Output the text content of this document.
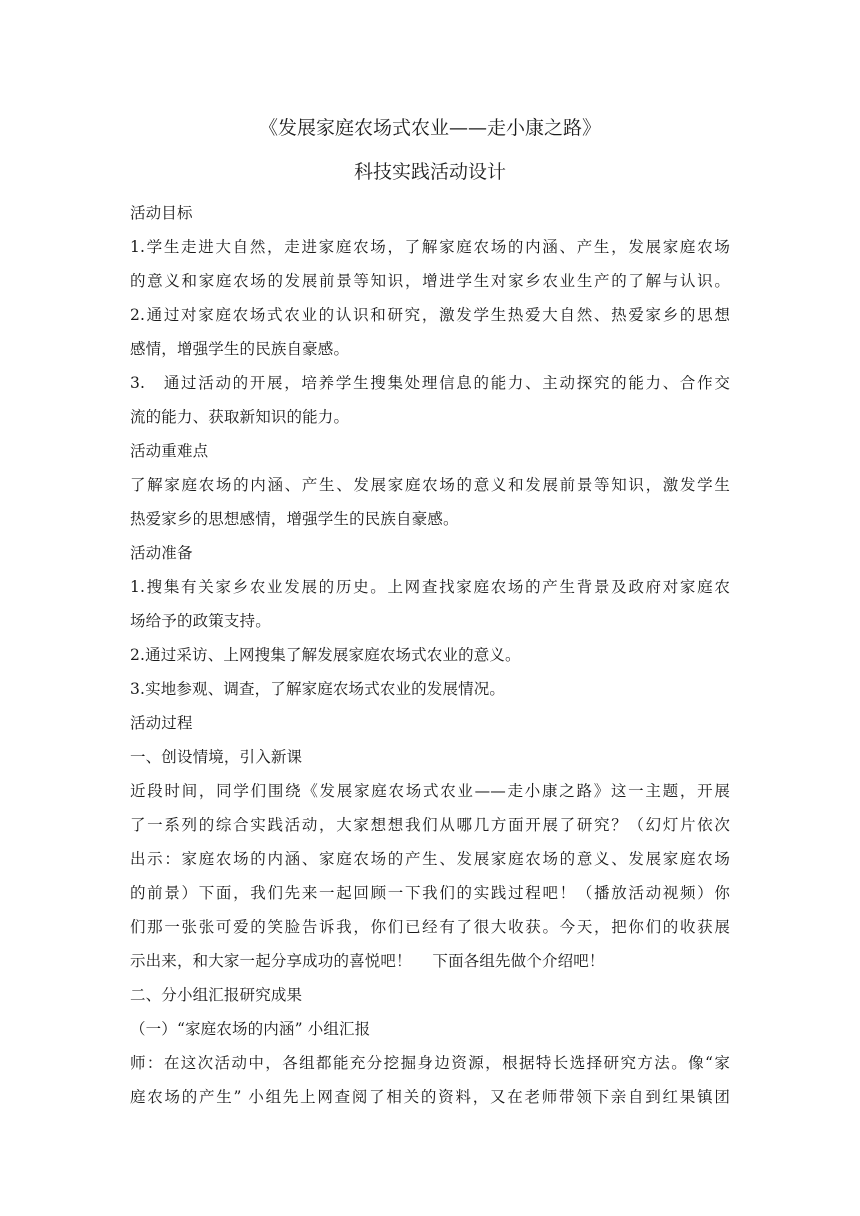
《发展家庭农场式农业——走小康之路》
科技实践活动设计
活动目标
1.学生走进大自然，走进家庭农场，了解家庭农场的内涵、产生，发展家庭农场
的意义和家庭农场的发展前景等知识，增进学生对家乡农业生产的了解与认识。
2.通过对家庭农场式农业的认识和研究，激发学生热爱大自然、热爱家乡的思想
感情，增强学生的民族自豪感。
3.　通过活动的开展，培养学生搜集处理信息的能力、主动探究的能力、合作交
流的能力、获取新知识的能力。
活动重难点
了解家庭农场的内涵、产生、发展家庭农场的意义和发展前景等知识，激发学生
热爱家乡的思想感情，增强学生的民族自豪感。
活动准备
1.搜集有关家乡农业发展的历史。上网查找家庭农场的产生背景及政府对家庭农
场给予的政策支持。
2.通过采访、上网搜集了解发展家庭农场式农业的意义。
3.实地参观、调查，了解家庭农场式农业的发展情况。
活动过程
一、创设情境，引入新课
近段时间，同学们围绕《发展家庭农场式农业——走小康之路》这一主题，开展
了一系列的综合实践活动，大家想想我们从哪几方面开展了研究？（幻灯片依次
出示：家庭农场的内涵、家庭农场的产生、发展家庭农场的意义、发展家庭农场
的前景）下面，我们先来一起回顾一下我们的实践过程吧！（播放活动视频）你
们那一张张可爱的笑脸告诉我，你们已经有了很大收获。今天，把你们的收获展
示出来，和大家一起分享成功的喜悦吧！　 下面各组先做个介绍吧！
二、分小组汇报研究成果
（一）“家庭农场的内涵” 小组汇报
师：在这次活动中，各组都能充分挖掘身边资源，根据特长选择研究方法。像“家
庭农场的产生” 小组先上网查阅了相关的资料，又在老师带领下亲自到红果镇团
